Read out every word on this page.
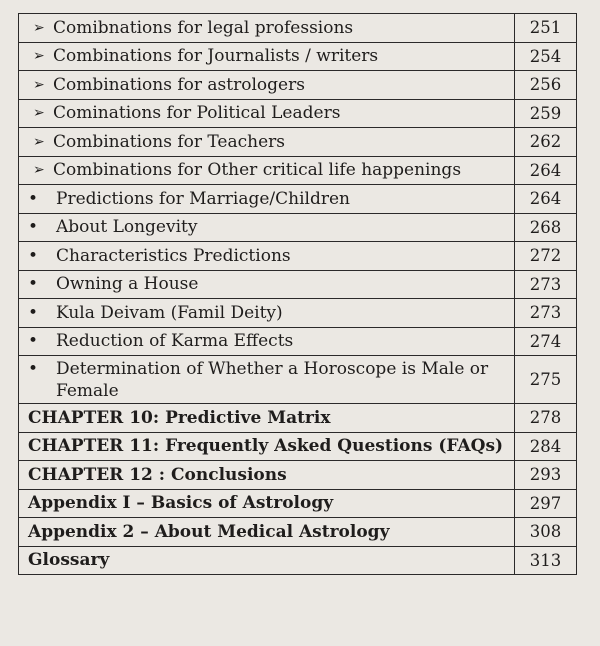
➢ Comibnations for legal professions	251

➢ Combinations for Journalists / writers	254

➢ Combinations for astrologers	256

➢ Cominations for Political Leaders	259

➢ Combinations for Teachers	262

➢ Combinations for Other critical life happenings	264

• Predictions for Marriage/Children	264

• About Longevity	268

• Characteristics Predictions	272

• Owning a House	273

• Kula Deivam (Famil Deity)	273

• Reduction of Karma Effects	274

• Determination of Whether a Horoscope is Male or Female	275

CHAPTER 10: Predictive Matrix	278

CHAPTER 11: Frequently Asked Questions (FAQs)	284

CHAPTER 12 : Conclusions	293

Appendix I – Basics of Astrology	297

Appendix 2 – About Medical Astrology	308

Glossary	313
